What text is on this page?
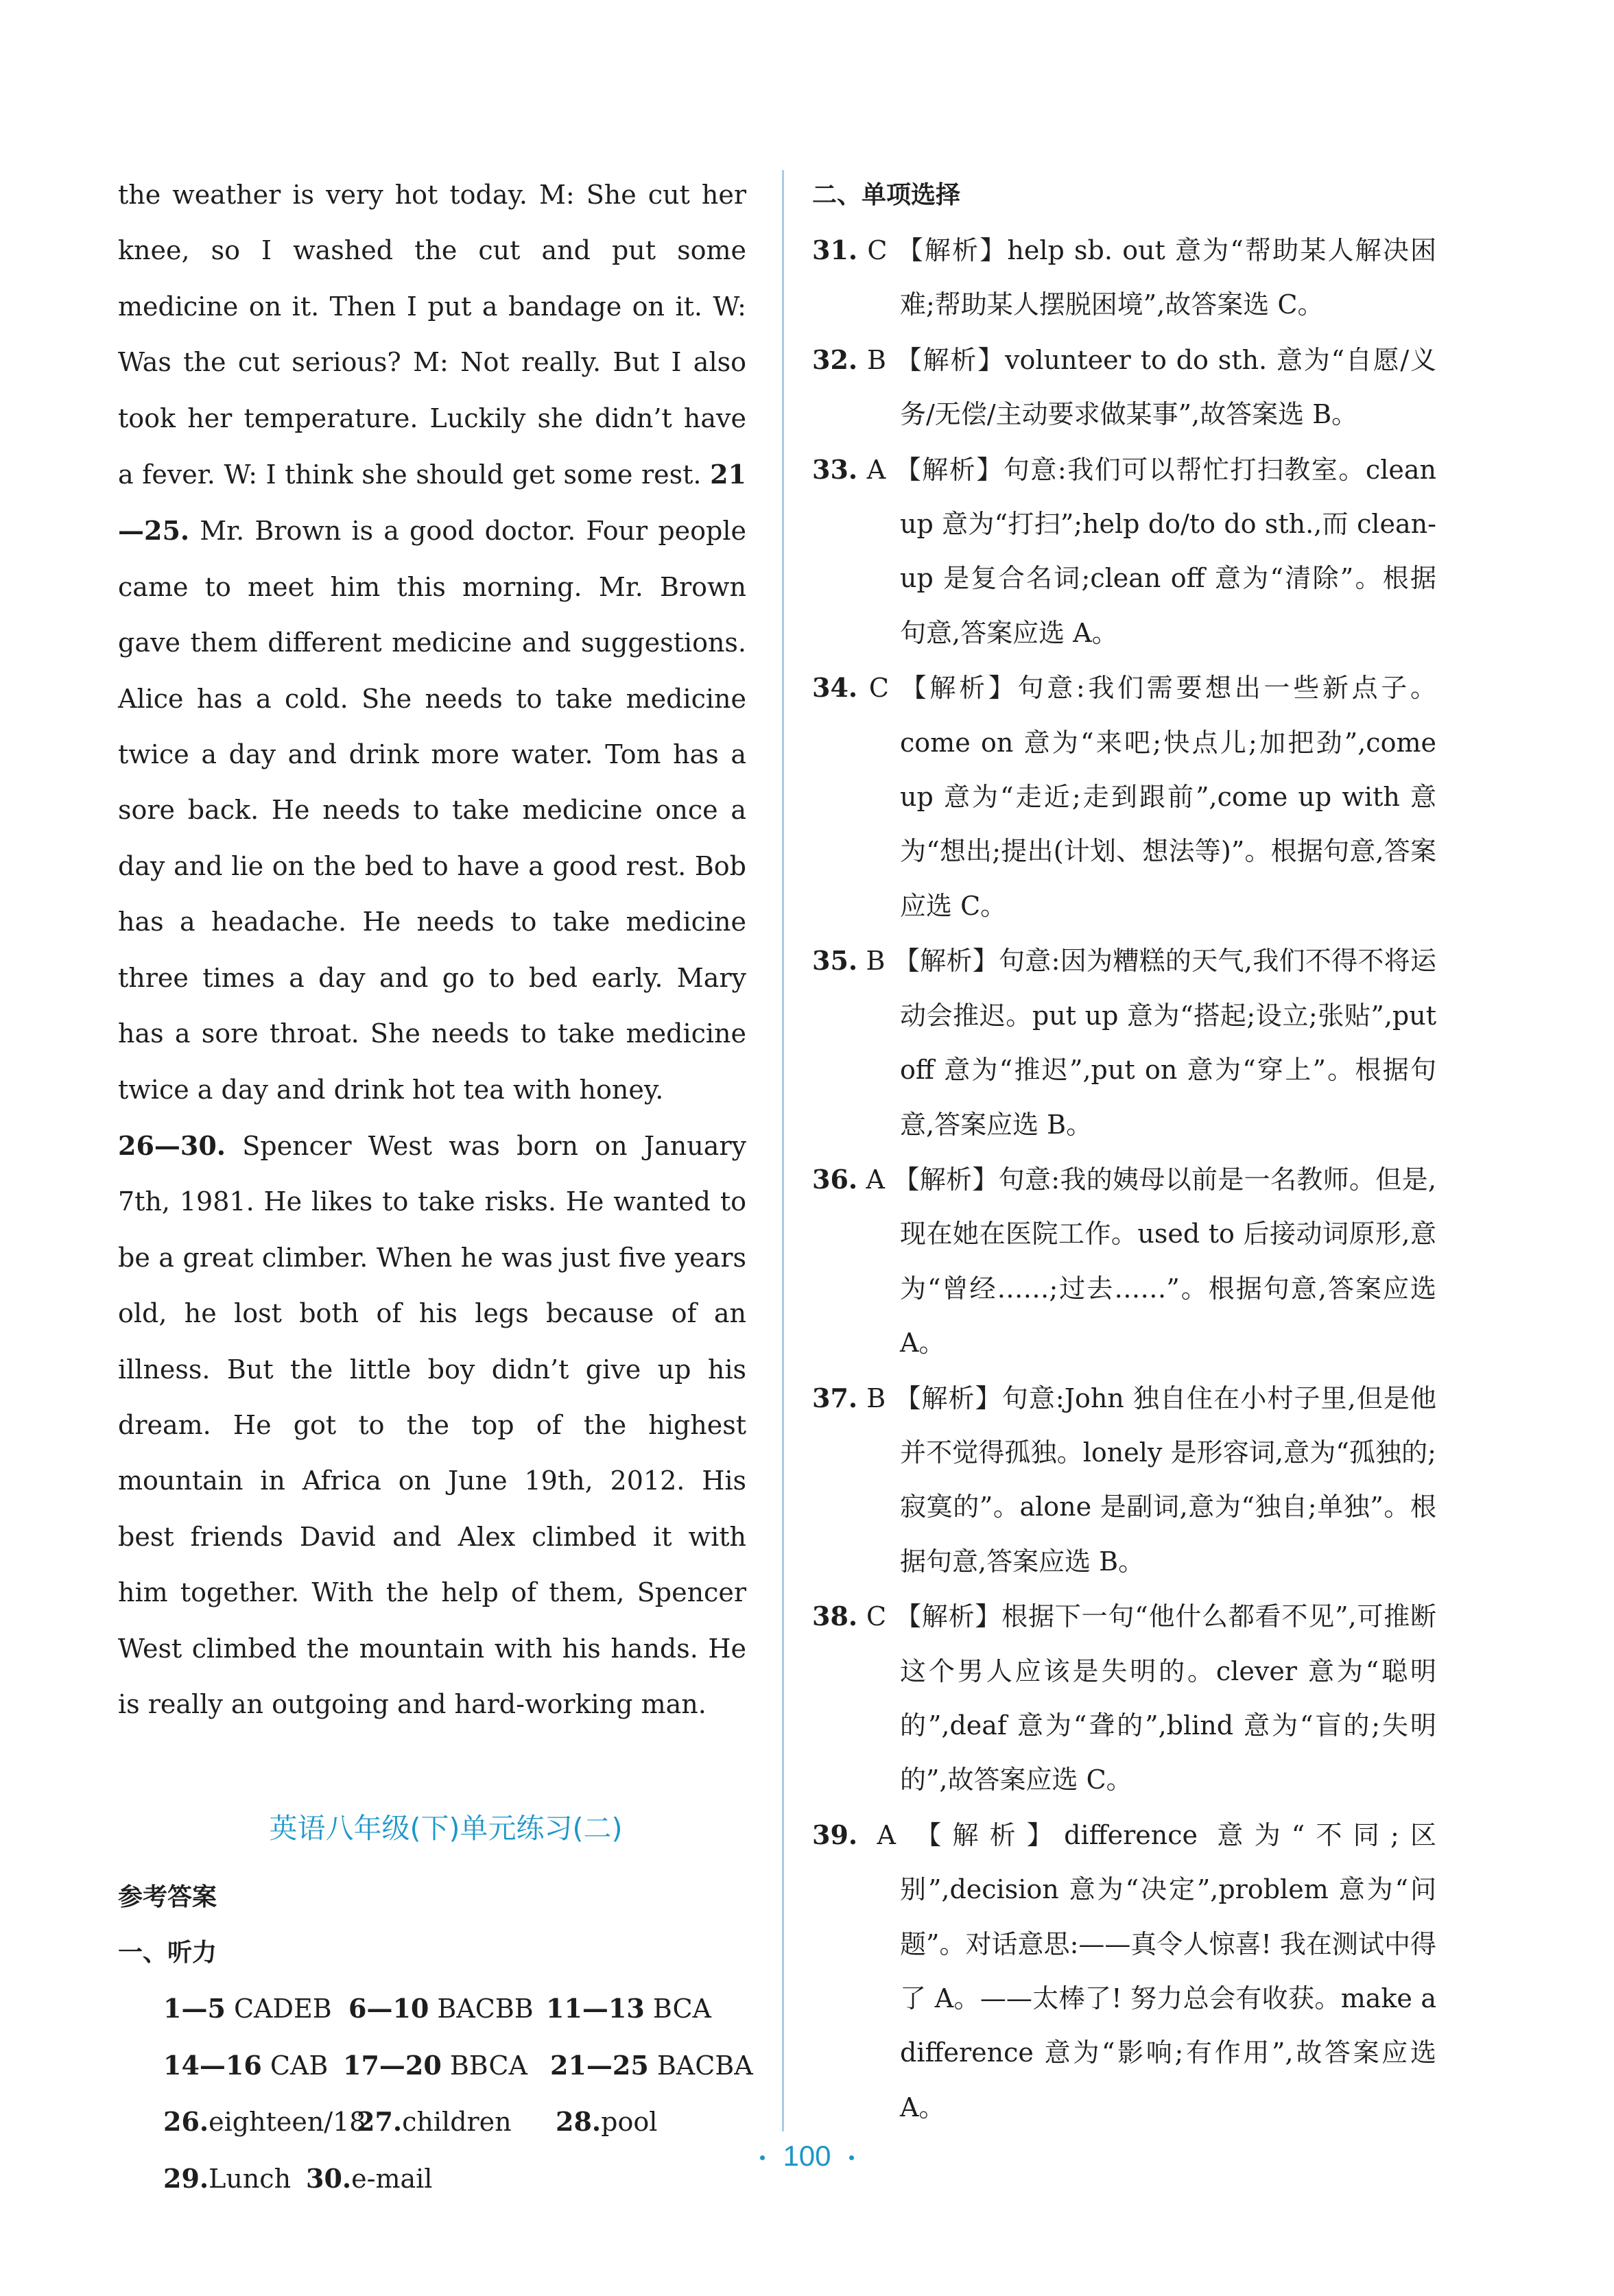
the weather is very hot today. M: She cut her knee, so I washed the cut and put some medicine on it. Then I put a bandage on it. W: Was the cut serious? M: Not really. But I also took her temperature. Luckily she didn’t have a fever. W: I think she should get some rest. 21—25. Mr. Brown is a good doctor. Four people came to meet him this morning. Mr. Brown gave them different medicine and suggestions. Alice has a cold. She needs to take medicine twice a day and drink more water. Tom has a sore back. He needs to take medicine once a day and lie on the bed to have a good rest. Bob has a headache. He needs to take medicine three times a day and go to bed early. Mary has a sore throat. She needs to take medicine twice a day and drink hot tea with honey.

26—30. Spencer West was born on January 7th, 1981. He likes to take risks. He wanted to be a great climber. When he was just five years old, he lost both of his legs because of an illness. But the little boy didn’t give up his dream. He got to the top of the highest mountain in Africa on June 19th, 2012. His best friends David and Alex climbed it with him together. With the help of them, Spencer West climbed the mountain with his hands. He is really an outgoing and hard-working man.

英语八年级(下)单元练习(二)

参考答案

一、听力

1—5 CADEB 6—10 BACBB 11—13 BCA

14—16 CAB 17—20 BBCA 21—25 BACBA

26.eighteen/1827.children 28.pool

29.Lunch 30.e-mail

二、单项选择

31. C 【解析】help sb. out 意为“帮助某人解决困难;帮助某人摆脱困境”,故答案选 C。

32. B 【解析】volunteer to do sth. 意为“自愿/义务/无偿/主动要求做某事”,故答案选 B。

33. A 【解析】句意:我们可以帮忙打扫教室。clean up 意为“打扫”;help do/to do sth.,而 clean-up 是复合名词;clean off 意为“清除”。根据句意,答案应选 A。

34. C 【解析】句意:我们需要想出一些新点子。come on 意为“来吧;快点儿;加把劲”,come up 意为“走近;走到跟前”,come up with 意为“想出;提出(计划、想法等)”。根据句意,答案应选 C。

35. B 【解析】句意:因为糟糕的天气,我们不得不将运动会推迟。put up 意为“搭起;设立;张贴”,put off 意为“推迟”,put on 意为“穿上”。根据句意,答案应选 B。

36. A 【解析】句意:我的姨母以前是一名教师。但是,现在她在医院工作。used to 后接动词原形,意为“曾经……;过去……”。根据句意,答案应选 A。

37. B 【解析】句意:John 独自住在小村子里,但是他并不觉得孤独。lonely 是形容词,意为“孤独的;寂寞的”。alone 是副词,意为“独自;单独”。根据句意,答案应选 B。

38. C 【解析】根据下一句“他什么都看不见”,可推断这个男人应该是失明的。clever 意为“聪明的”,deaf 意为“聋的”,blind 意为“盲的;失明的”,故答案应选 C。

39. A 【解析】difference 意为“不同;区别”,decision 意为“决定”,problem 意为“问题”。对话意思:——真令人惊喜! 我在测试中得了 A。——太棒了! 努力总会有收获。make a difference 意为“影响;有作用”,故答案应选 A。

100
